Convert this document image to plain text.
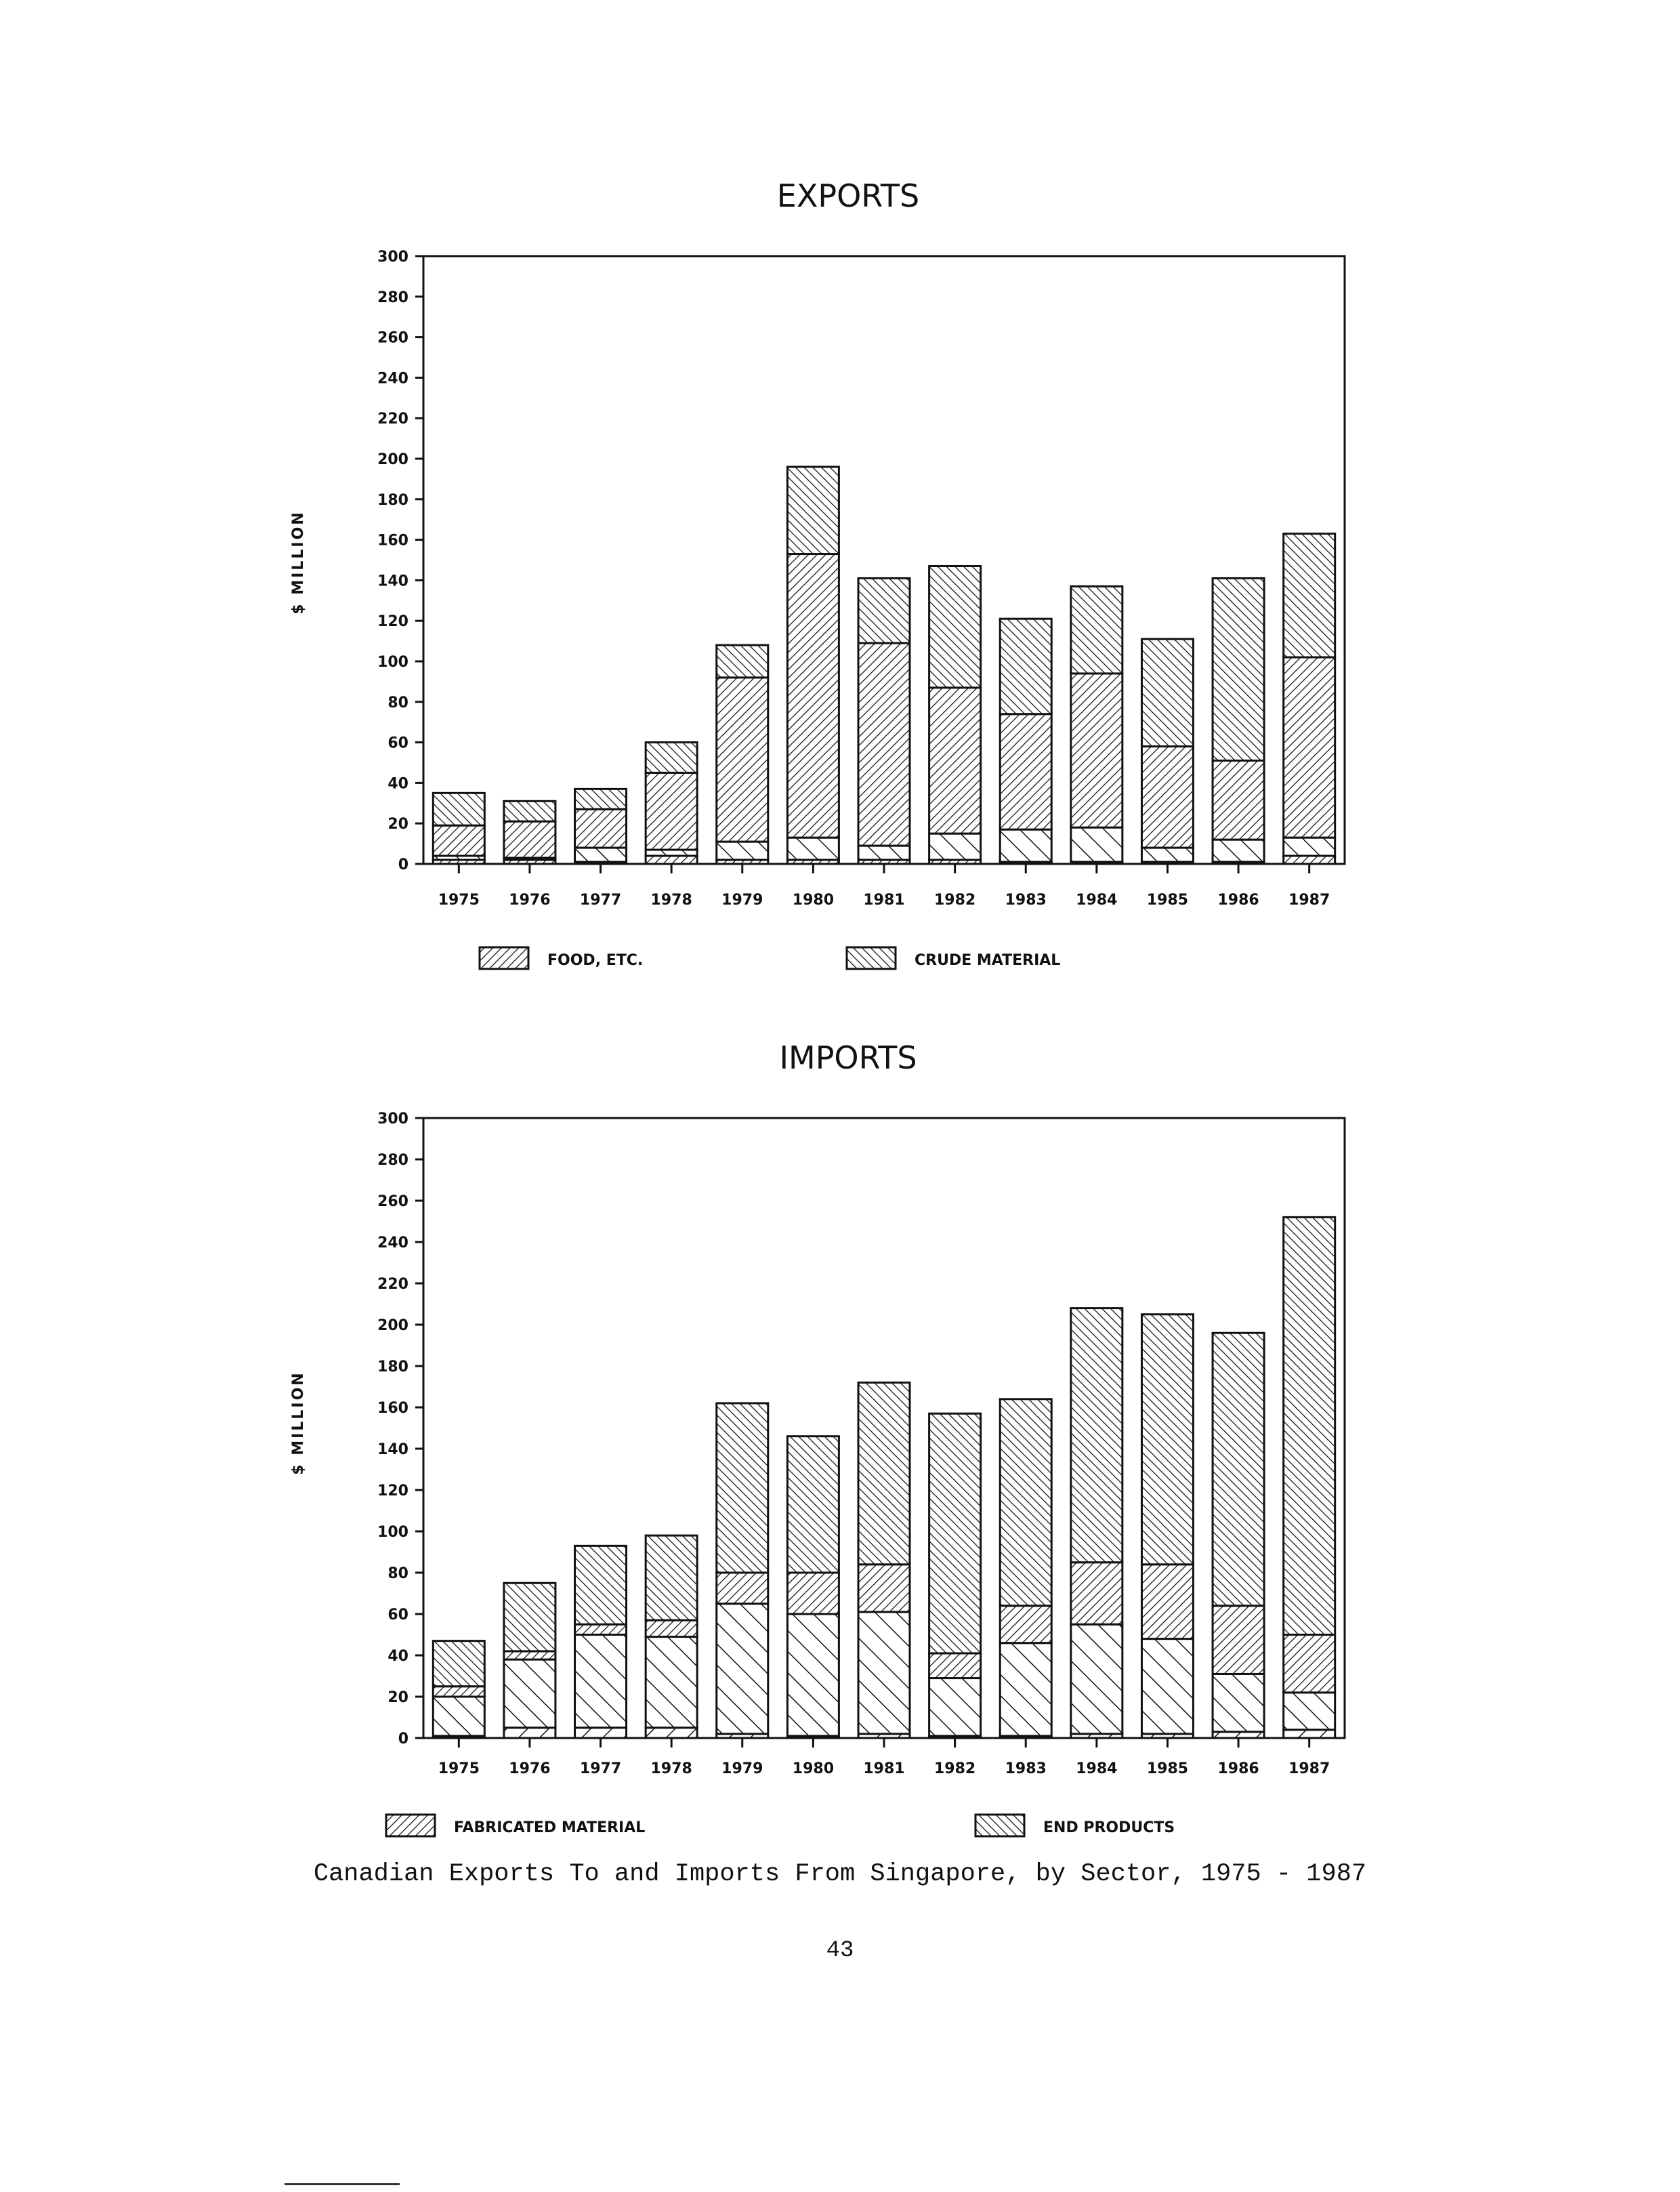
EXPORTS
$ MILLION
0
20
40
60
80
100
120
140
160
180
200
220
240
260
280
300
1975 1976 1977 1978 1979 1980 1981 1982 1983 1984 1985 1986 1987
FOOD, ETC.	CRUDE MATERIAL
IMPORTS
$ MILLION
0
20
40
60
80
100
120
140
160
180
200
220
240
260
280
300
1975 1976 1977 1978 1979 1980 1981 1982 1983 1984 1985 1986 1987
FABRICATED MATERIAL	END PRODUCTS
Canadian Exports To and Imports From Singapore, by Sector, 1975 - 1987
43
